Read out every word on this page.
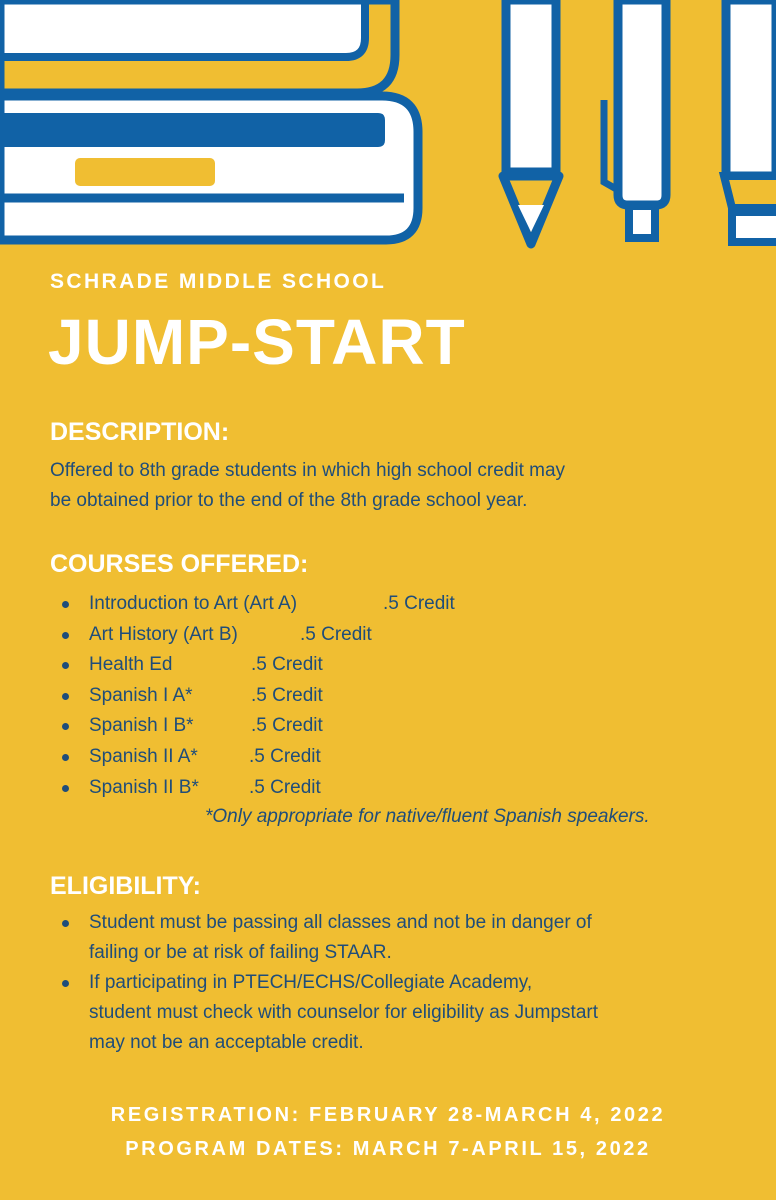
SCHRADE MIDDLE SCHOOL

JUMP-START
DESCRIPTION:

Offered to 8th grade students in which high school credit may
be obtained prior to the end of the 8th grade school year.

COURSES OFFERED:
Introduction to Art (Art A)	.5 Credit
Art History (Art B)	.5 Credit
Health Ed	.5 Credit
Spanish I A*	.5 Credit
Spanish I B*	.5 Credit
Spanish II A*	.5 Credit
Spanish II B*	.5 Credit

*Only appropriate for native/fluent Spanish speakers.

ELIGIBILITY:
Student must be passing all classes and not be in danger of
failing or be at risk of failing STAAR.
If participating in PTECH/ECHS/Collegiate Academy,
student must check with counselor for eligibility as Jumpstart
may not be an acceptable credit.

REGISTRATION: FEBRUARY 28-MARCH 4, 2022

PROGRAM DATES: MARCH 7-APRIL 15, 2022
